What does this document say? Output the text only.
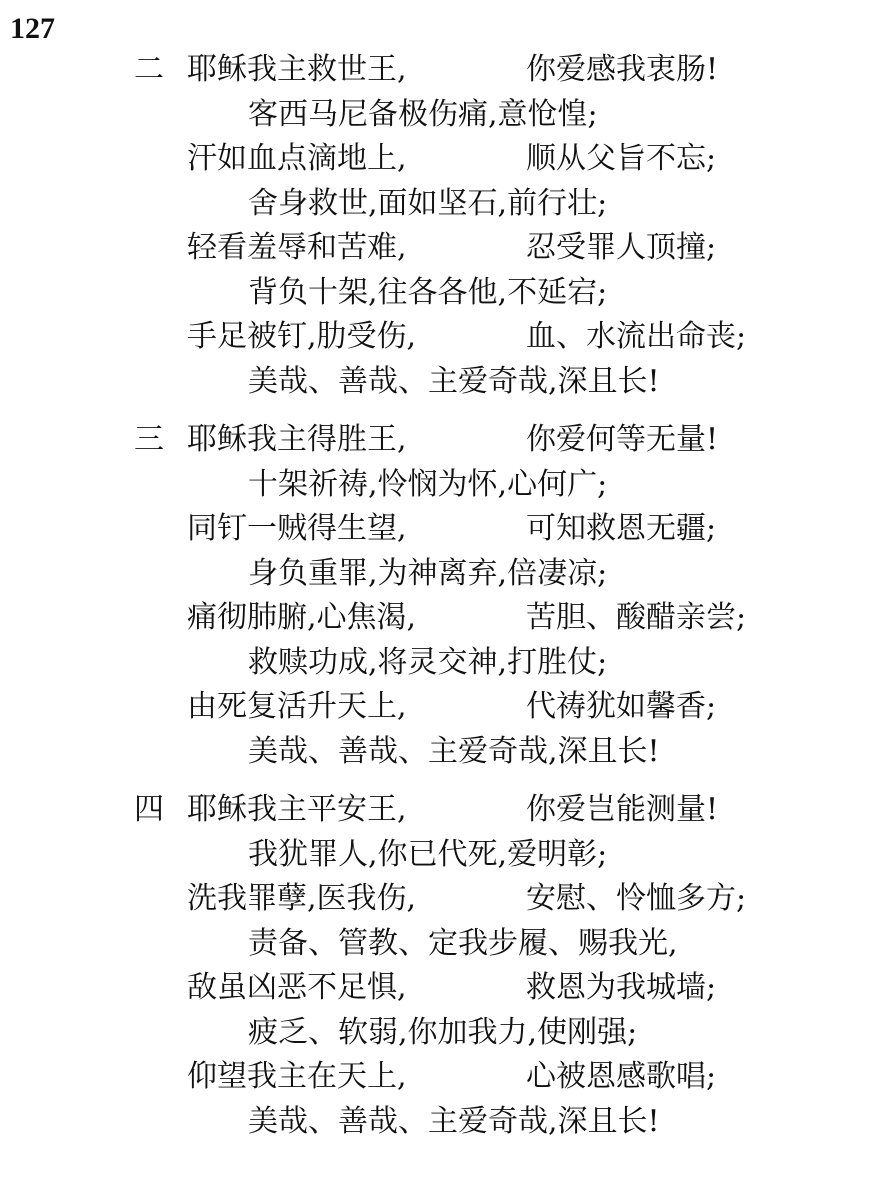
127
二 耶稣我主救世王,	你爱感我衷肠!
客西马尼备极伤痛,意怆惶;
汗如血点滴地上,	顺从父旨不忘;
舍身救世,面如坚石,前行壮;
轻看羞辱和苦难,	忍受罪人顶撞;
背负十架,往各各他,不延宕;
手足被钉,肋受伤,	血、水流出命丧;
美哉、善哉、主爱奇哉,深且长!
三 耶稣我主得胜王,	你爱何等无量!
十架祈祷,怜悯为怀,心何广;
同钉一贼得生望,	可知救恩无疆;
身负重罪,为神离弃,倍凄凉;
痛彻肺腑,心焦渴,	苦胆、酸醋亲尝;
救赎功成,将灵交神,打胜仗;
由死复活升天上,	代祷犹如馨香;
美哉、善哉、主爱奇哉,深且长!
四 耶稣我主平安王,	你爱岂能测量!
我犹罪人,你已代死,爱明彰;
洗我罪孽,医我伤,	安慰、怜恤多方;
责备、管教、定我步履、赐我光,
敌虽凶恶不足惧,	救恩为我城墙;
疲乏、软弱,你加我力,使刚强;
仰望我主在天上,	心被恩感歌唱;
美哉、善哉、主爱奇哉,深且长!
